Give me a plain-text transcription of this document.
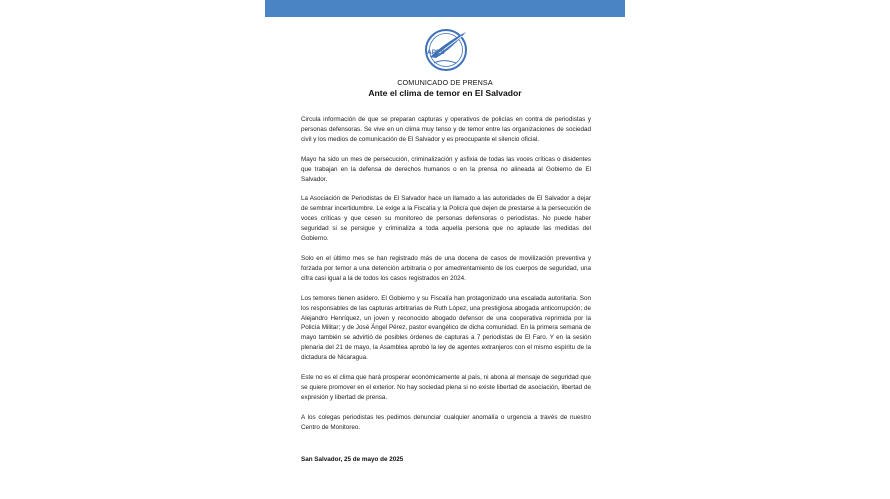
APES
COMUNICADO DE PRENSA
Ante el clima de temor en El Salvador

Circula información de que se preparan capturas y operativos de policías en contra de periodistas y personas defensoras. Se vive en un clima muy tenso y de temor entre las organizaciones de sociedad civil y los medios de comunicación de El Salvador y es preocupante el silencio oficial.

Mayo ha sido un mes de persecución, criminalización y asfixia de todas las voces críticas o disidentes que trabajan en la defensa de derechos humanos o en la prensa no alineada al Gobierno de El Salvador.

La Asociación de Periodistas de El Salvador hace un llamado a las autoridades de El Salvador a dejar de sembrar incertidumbre. Le exige a la Fiscalía y la Policía que dejen de prestarse a la persecución de voces críticas y que cesen su monitoreo de personas defensoras o periodistas. No puede haber seguridad si se persigue y criminaliza a toda aquella persona que no aplaude las medidas del Gobierno.

Solo en el último mes se han registrado más de una docena de casos de movilización preventiva y forzada por temor a una detención arbitraria o por amedrentamiento de los cuerpos de seguridad, una cifra casi igual a la de todos los casos registrados en 2024.

Los temores tienen asidero. El Gobierno y su Fiscalía han protagonizado una escalada autoritaria. Son los responsables de las capturas arbitrarias de Ruth López, una prestigiosa abogada anticorrupción; de Alejandro Henríquez, un joven y reconocido abogado defensor de una cooperativa reprimida por la Policía Militar; y de José Ángel Pérez, pastor evangélico de dicha comunidad. En la primera semana de mayo también se advirtió de posibles órdenes de capturas a 7 periodistas de El Faro. Y en la sesión plenaria del 21 de mayo, la Asamblea aprobó la ley de agentes extranjeros con el mismo espíritu de la dictadura de Nicaragua.

Este no es el clima que hará prosperar económicamente al país, ni abona al mensaje de seguridad que se quiere promover en el exterior. No hay sociedad plena si no existe libertad de asociación, libertad de expresión y libertad de prensa.

A los colegas periodistas les pedimos denunciar cualquier anomalía o urgencia a través de nuestro Centro de Monitoreo.

San Salvador, 25 de mayo de 2025
